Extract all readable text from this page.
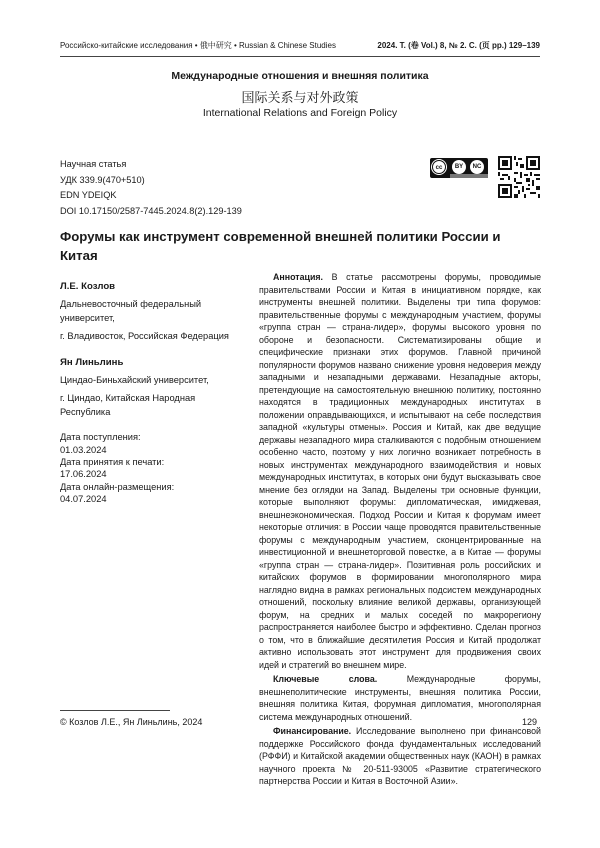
Российско-китайские исследования • 俄中研究 • Russian & Chinese Studies	2024. Т. (卷 Vol.) 8, № 2. С. (页 pp.) 129–139
Международные отношения и внешняя политика
国际关系与对外政策
International Relations and Foreign Policy
Научная статья
УДК 339.9(470+510)
EDN YDEIQK
DOI 10.17150/2587-7445.2024.8(2).129-139
cc	BY	NC
Форумы как инструмент современной внешней политики России и Китая
Л.Е. Козлов
Дальневосточный федеральный университет,
г. Владивосток, Российская Федерация
Ян Линьлинь
Циндао-Биньхайский университет,
г. Циндао, Китайская Народная Республика
Дата поступления:
01.03.2024
Дата принятия к печати:
17.06.2024
Дата онлайн-размещения:
04.07.2024

Аннотация. В статье рассмотрены форумы, проводимые правительствами России и Китая в инициативном порядке, как инструменты внешней политики. Выделены три типа форумов: правительственные форумы с международным участием, форумы «группа стран — страна-лидер», форумы высокого уровня по обороне и безопасности. Систематизированы общие и специфические признаки этих форумов. Главной причиной популярности форумов названо снижение уровня недоверия между западными и незападными державами. Незападные акторы, претендующие на самостоятельную внешнюю политику, постоянно находятся в традиционных международных институтах в положении оправдывающихся, и испытывают на себе последствия западной «культуры отмены». Россия и Китай, как две ведущие державы незападного мира сталкиваются с подобным отношением особенно часто, поэтому у них логично возникает потребность в новых инструментах международного взаимодействия и новых международных институтах, в которых они будут высказывать свое мнение без оглядки на Запад. Выделены три основные функции, которые выполняют форумы: дипломатическая, имиджевая, внешнеэкономическая. Подход России и Китая к форумам имеет некоторые отличия: в России чаще проводятся правительственные форумы с международным участием, сконцентрированные на инвестиционной и внешнеторговой повестке, а в Китае — форумы «группа стран — страна-лидер». Позитивная роль российских и китайских форумов в формировании многополярного мира наглядно видна в рамках региональных подсистем международных отношений, поскольку влияние великой державы, организующей форум, на средних и малых соседей по макрорегиону распространяется наиболее быстро и эффективно. Сделан прогноз о том, что в ближайшие десятилетия Россия и Китай продолжат активно использовать этот инструмент для продвижения своих идей и стратегий во внешнем мире.

Ключевые слова. Международные форумы, внешнеполитические инструменты, внешняя политика России, внешняя политика Китая, форумная дипломатия, многополярная система международных отношений.

Финансирование. Исследование выполнено при финансовой поддержке Российского фонда фундаментальных исследований (РФФИ) и Китайской академии общественных наук (КАОН) в рамках научного проекта № 20-511-93005 «Развитие стратегического партнерства России и Китая в Восточной Азии».

© Козлов Л.Е., Ян Линьлинь, 2024	129
